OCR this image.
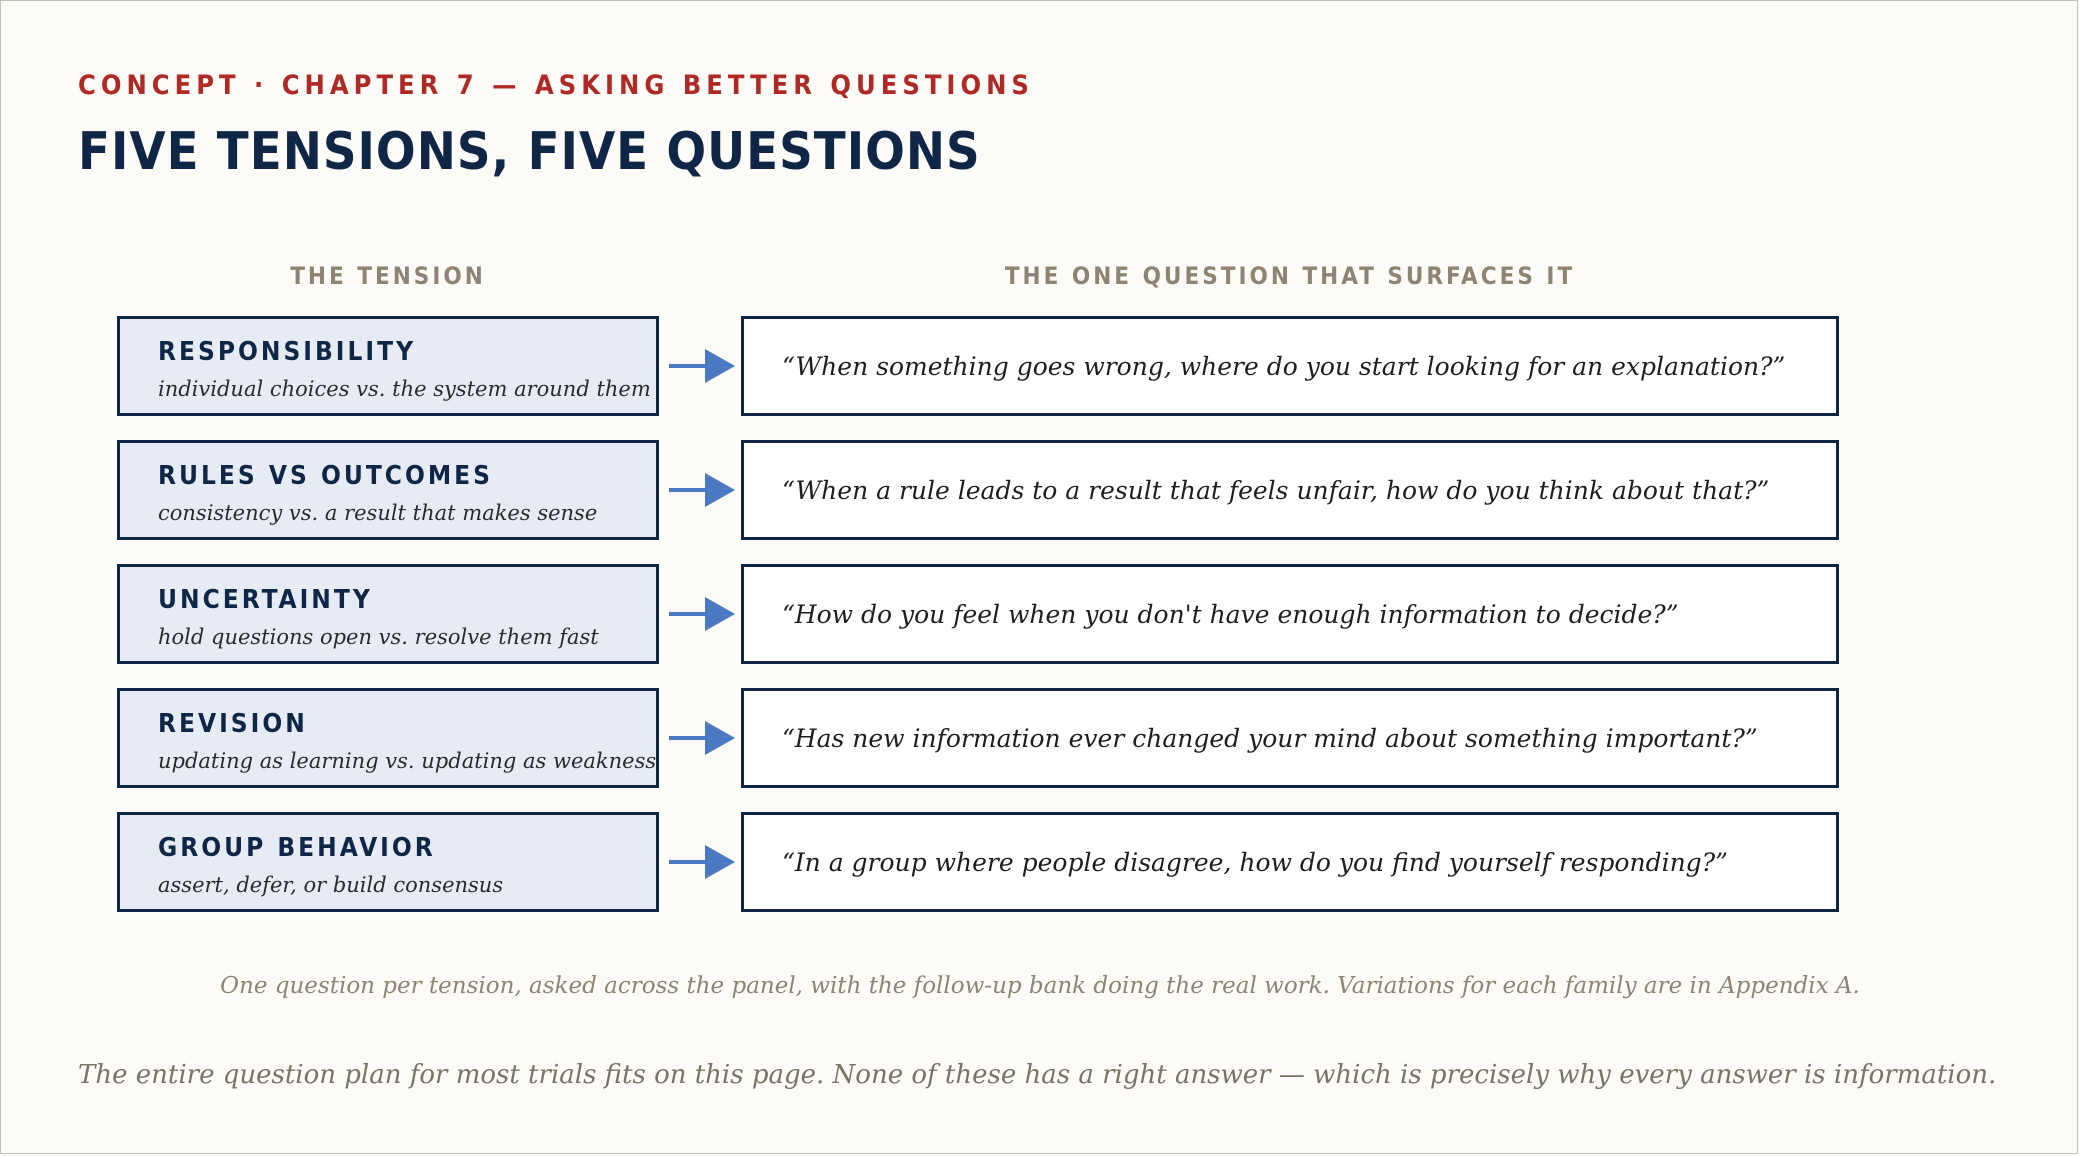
CONCEPT · CHAPTER 7 — ASKING BETTER QUESTIONS
FIVE TENSIONS, FIVE QUESTIONS
THE TENSION	THE ONE QUESTION THAT SURFACES IT
RESPONSIBILITY
individual choices vs. the system around them
“When something goes wrong, where do you start looking for an explanation?”
RULES VS OUTCOMES
consistency vs. a result that makes sense
“When a rule leads to a result that feels unfair, how do you think about that?”
UNCERTAINTY
hold questions open vs. resolve them fast
“How do you feel when you don't have enough information to decide?”
REVISION
updating as learning vs. updating as weakness
“Has new information ever changed your mind about something important?”
GROUP BEHAVIOR
assert, defer, or build consensus
“In a group where people disagree, how do you find yourself responding?”
One question per tension, asked across the panel, with the follow-up bank doing the real work. Variations for each family are in Appendix A.
The entire question plan for most trials fits on this page. None of these has a right answer — which is precisely why every answer is information.
